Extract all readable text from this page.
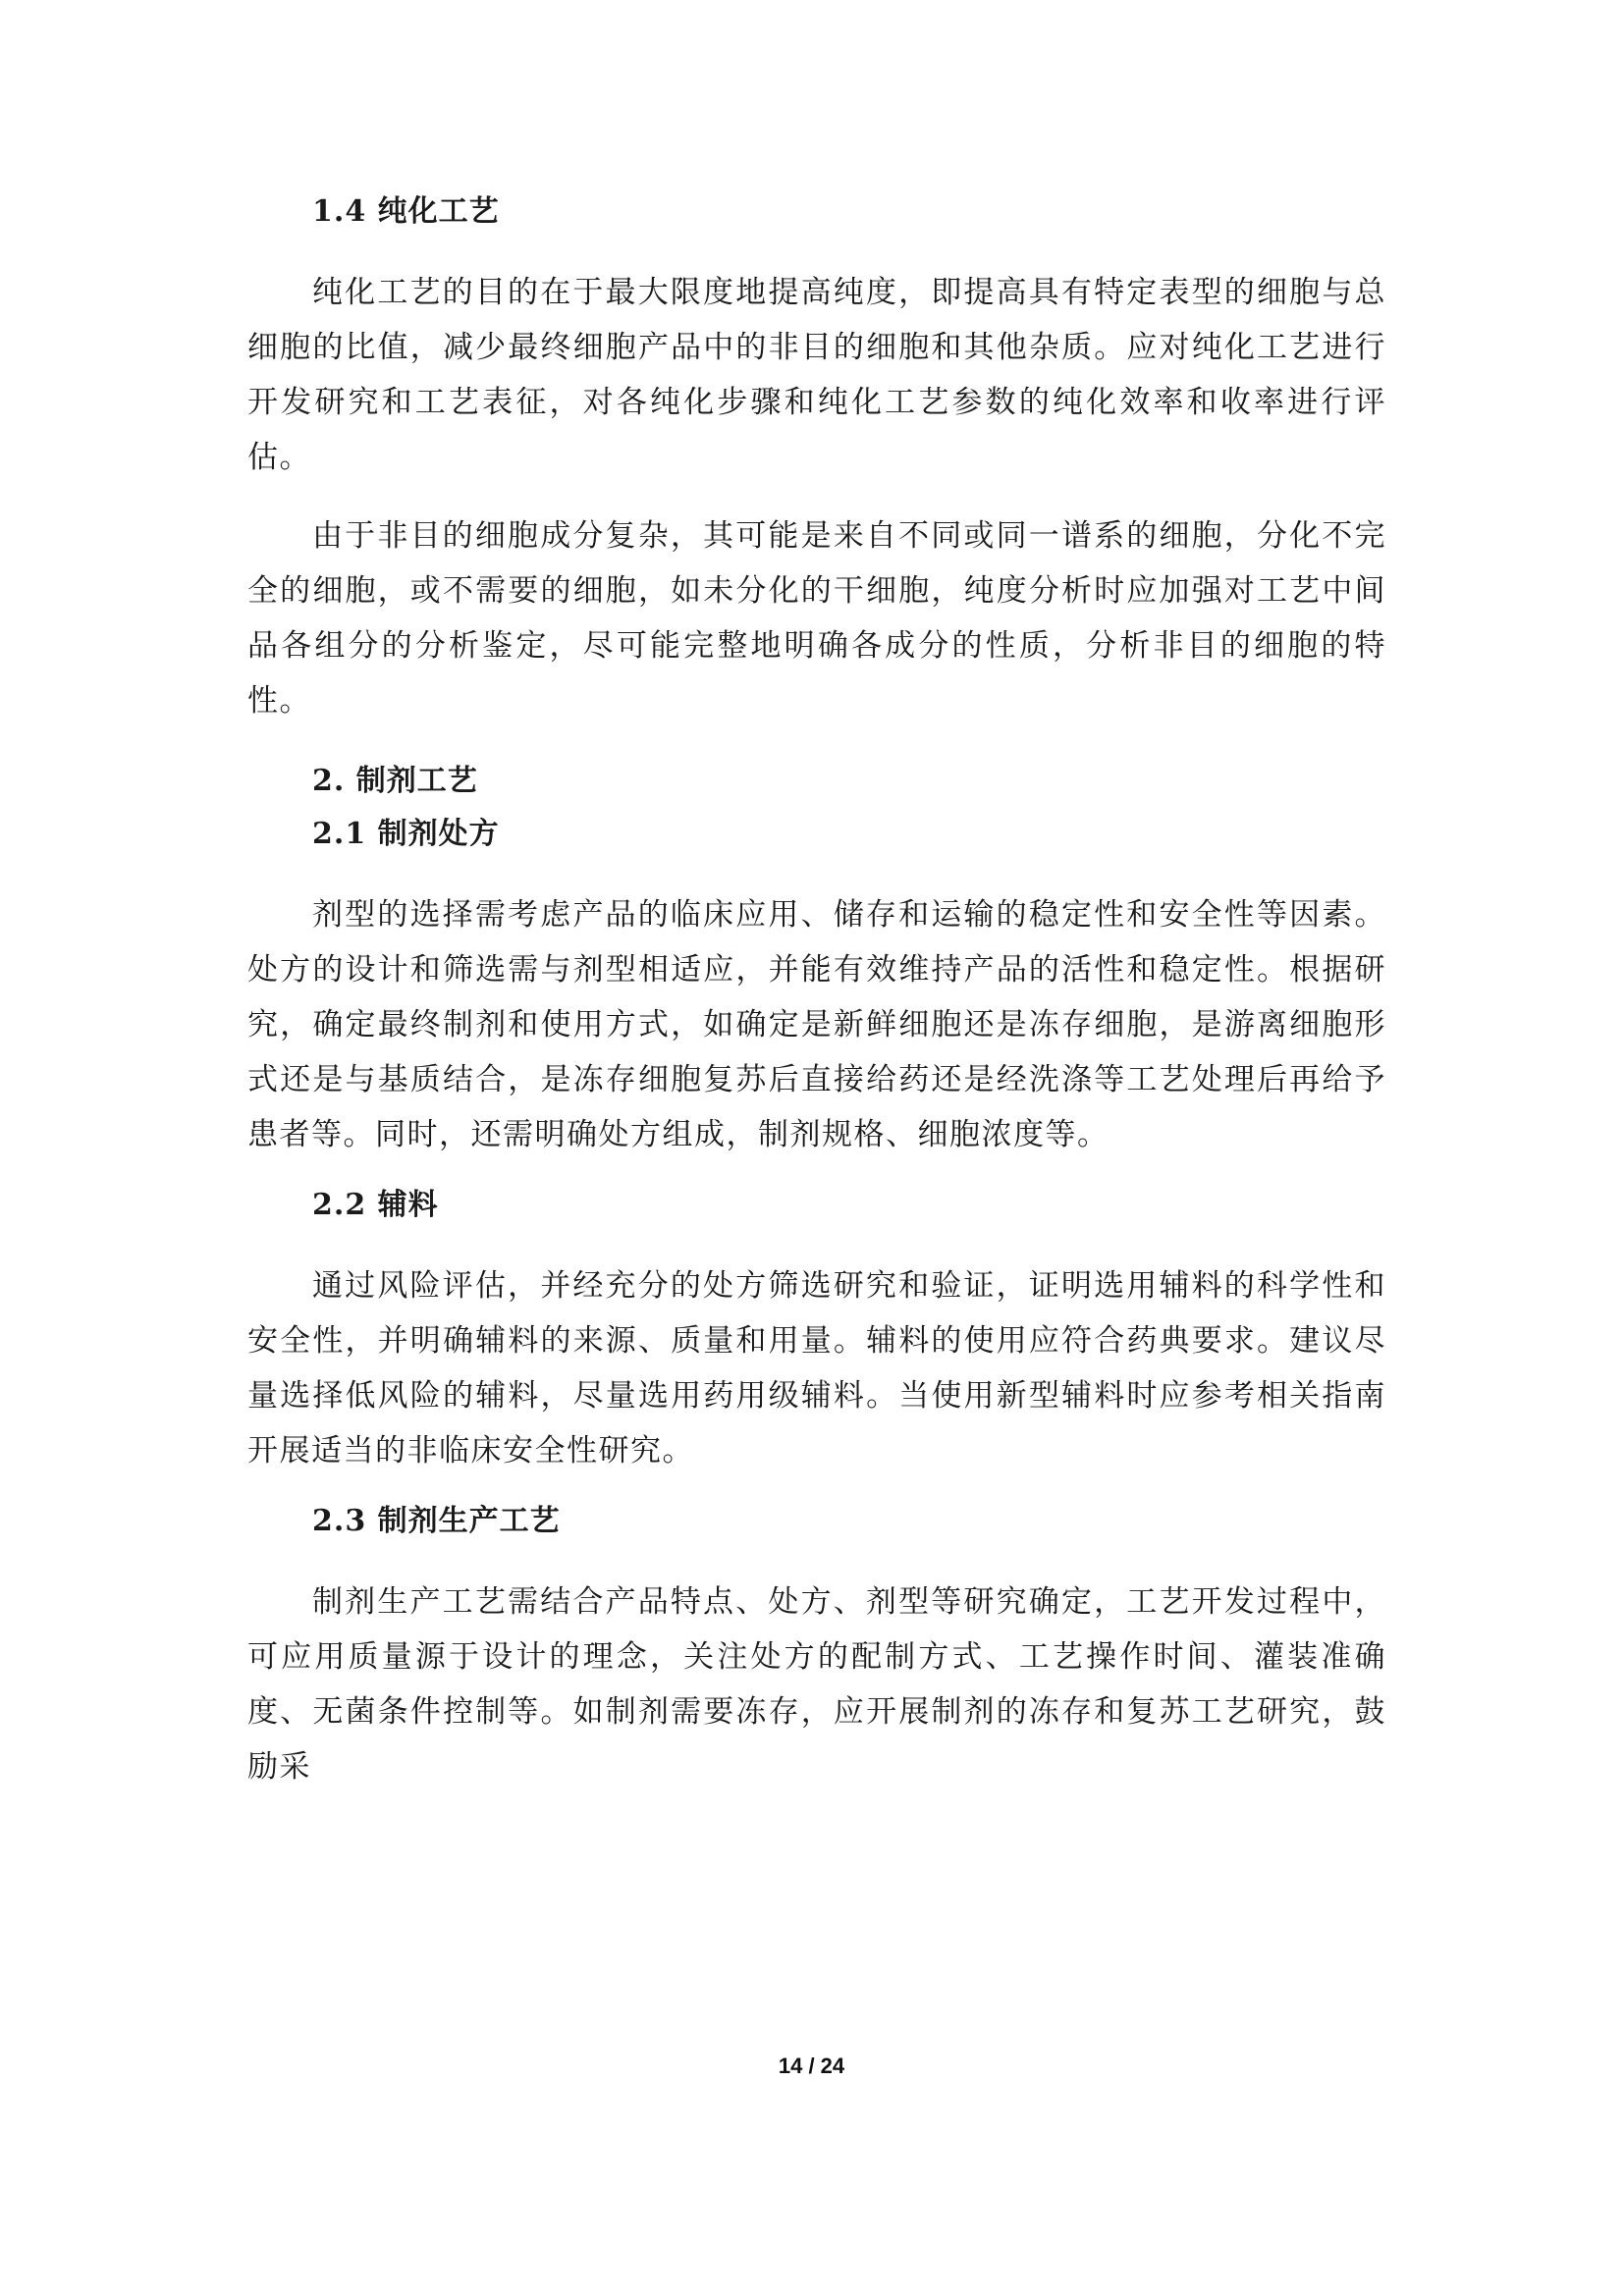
1.4 纯化工艺

纯化工艺的目的在于最大限度地提高纯度，即提高具有特定表型的细胞与总细胞的比值，减少最终细胞产品中的非目的细胞和其他杂质。应对纯化工艺进行开发研究和工艺表征，对各纯化步骤和纯化工艺参数的纯化效率和收率进行评估。

由于非目的细胞成分复杂，其可能是来自不同或同一谱系的细胞，分化不完全的细胞，或不需要的细胞，如未分化的干细胞，纯度分析时应加强对工艺中间品各组分的分析鉴定，尽可能完整地明确各成分的性质，分析非目的细胞的特性。

2. 制剂工艺
2.1 制剂处方

剂型的选择需考虑产品的临床应用、储存和运输的稳定性和安全性等因素。处方的设计和筛选需与剂型相适应，并能有效维持产品的活性和稳定性。根据研究，确定最终制剂和使用方式，如确定是新鲜细胞还是冻存细胞，是游离细胞形式还是与基质结合，是冻存细胞复苏后直接给药还是经洗涤等工艺处理后再给予患者等。同时，还需明确处方组成，制剂规格、细胞浓度等。

2.2 辅料

通过风险评估，并经充分的处方筛选研究和验证，证明选用辅料的科学性和安全性，并明确辅料的来源、质量和用量。辅料的使用应符合药典要求。建议尽量选择低风险的辅料，尽量选用药用级辅料。当使用新型辅料时应参考相关指南开展适当的非临床安全性研究。

2.3 制剂生产工艺

制剂生产工艺需结合产品特点、处方、剂型等研究确定，工艺开发过程中，可应用质量源于设计的理念，关注处方的配制方式、工艺操作时间、灌装准确度、无菌条件控制等。如制剂需要冻存，应开展制剂的冻存和复苏工艺研究，鼓励采

14 / 24
